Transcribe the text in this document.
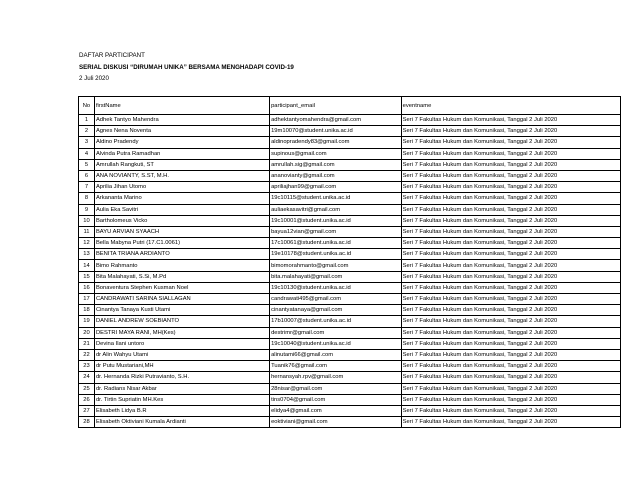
DAFTAR PARTICIPANT
SERIAL DISKUSI “DIRUMAH UNIKA” BERSAMA MENGHADAPI COVID-19
2 Juli 2020
No	firstName	participant_email	eventname
1	Adhek Tantyo Mahendra	adhektantyomahendra@gmail.com	Seri 7 Fakultas Hukum dan Komunikasi, Tanggal 2 Juli 2020
2	Agnes Nena Noventa	19m10070@student.unika.ac.id	Seri 7 Fakultas Hukum dan Komunikasi, Tanggal 2 Juli 2020
3	Aldino Pradendy	aldinopradendy83@gmail.com	Seri 7 Fakultas Hukum dan Komunikasi, Tanggal 2 Juli 2020
4	Alvinda Putra Ramadhan	supinous@gmail.com	Seri 7 Fakultas Hukum dan Komunikasi, Tanggal 2 Juli 2020
5	Amrullah Rangkuti, ST	amrullah.sig@gmail.com	Seri 7 Fakultas Hukum dan Komunikasi, Tanggal 2 Juli 2020
6	ANA NOVIANTY, S.ST, M.H.	ananovianty@gmail.com	Seri 7 Fakultas Hukum dan Komunikasi, Tanggal 2 Juli 2020
7	Aprilia Jihan Utomo	apriliajhan99@gmail.com	Seri 7 Fakultas Hukum dan Komunikasi, Tanggal 2 Juli 2020
8	Arkananta Marino	19c10115@student.unika.ac.id	Seri 7 Fakultas Hukum dan Komunikasi, Tanggal 2 Juli 2020
9	Aulia Eka Savitri	auliaekasavitri@gmail.com	Seri 7 Fakultas Hukum dan Komunikasi, Tanggal 2 Juli 2020
10	Bartholomeus Vicko	19c10001@student.unika.ac.id	Seri 7 Fakultas Hukum dan Komunikasi, Tanggal 2 Juli 2020
11	BAYU ARVIAN SYAACH	bayua12vian@gmail.com	Seri 7 Fakultas Hukum dan Komunikasi, Tanggal 2 Juli 2020
12	Bella Mabyna Putri (17.C1.0061)	17c10061@student.unika.ac.id	Seri 7 Fakultas Hukum dan Komunikasi, Tanggal 2 Juli 2020
13	BENITA TRIANA ARDIANTO	19e10178@student.unika.ac.id	Seri 7 Fakultas Hukum dan Komunikasi, Tanggal 2 Juli 2020
14	Bimo Rahmanto	bimomorahmanto@gmail.com	Seri 7 Fakultas Hukum dan Komunikasi, Tanggal 2 Juli 2020
15	Bita Malahayati, S.Si, M.Pd	bita.malahayati@gmail.com	Seri 7 Fakultas Hukum dan Komunikasi, Tanggal 2 Juli 2020
16	Bonaventura Stephen Kusman Noel	19c10130@student.unika.ac.id	Seri 7 Fakultas Hukum dan Komunikasi, Tanggal 2 Juli 2020
17	CANDRAWATI SARINA SIALLAGAN	candrawati495@gmail.com	Seri 7 Fakultas Hukum dan Komunikasi, Tanggal 2 Juli 2020
18	Cinantya Tanaya Kusti Utami	cinantyatanaya@gmail.com	Seri 7 Fakultas Hukum dan Komunikasi, Tanggal 2 Juli 2020
19	DANIEL ANDREW SOEBIANTO	17b10007@student.unika.ac.id	Seri 7 Fakultas Hukum dan Komunikasi, Tanggal 2 Juli 2020
20	DESTRI MAYA RANI, MH(Kes)	destrimr@gmail.com	Seri 7 Fakultas Hukum dan Komunikasi, Tanggal 2 Juli 2020
21	Devina Ilani untoro	19c10040@student.unika.ac.id	Seri 7 Fakultas Hukum dan Komunikasi, Tanggal 2 Juli 2020
22	dr Alin Wahyu Utami	alinutami66@gmail.com	Seri 7 Fakultas Hukum dan Komunikasi, Tanggal 2 Juli 2020
23	dr Putu Mustariani,MH	Tuanik76@gmail.com	Seri 7 Fakultas Hukum dan Komunikasi, Tanggal 2 Juli 2020
24	dr. Hernanda Rizki Putravianto, S.H.	hernansyah.rpv@gmail.com	Seri 7 Fakultas Hukum dan Komunikasi, Tanggal 2 Juli 2020
25	dr. Radians Nisar Akbar	28nisar@gmail.com	Seri 7 Fakultas Hukum dan Komunikasi, Tanggal 2 Juli 2020
26	dr. Tirtin Supriatin MH.Kes	tins0704@gmail.com	Seri 7 Fakultas Hukum dan Komunikasi, Tanggal 2 Juli 2020
27	Elisabeth Lidya B.R	elidya4@gmail.com	Seri 7 Fakultas Hukum dan Komunikasi, Tanggal 2 Juli 2020
28	Elisabeth Oktiviani Kumala Ardianti	eoktiviani@gmail.com	Seri 7 Fakultas Hukum dan Komunikasi, Tanggal 2 Juli 2020
